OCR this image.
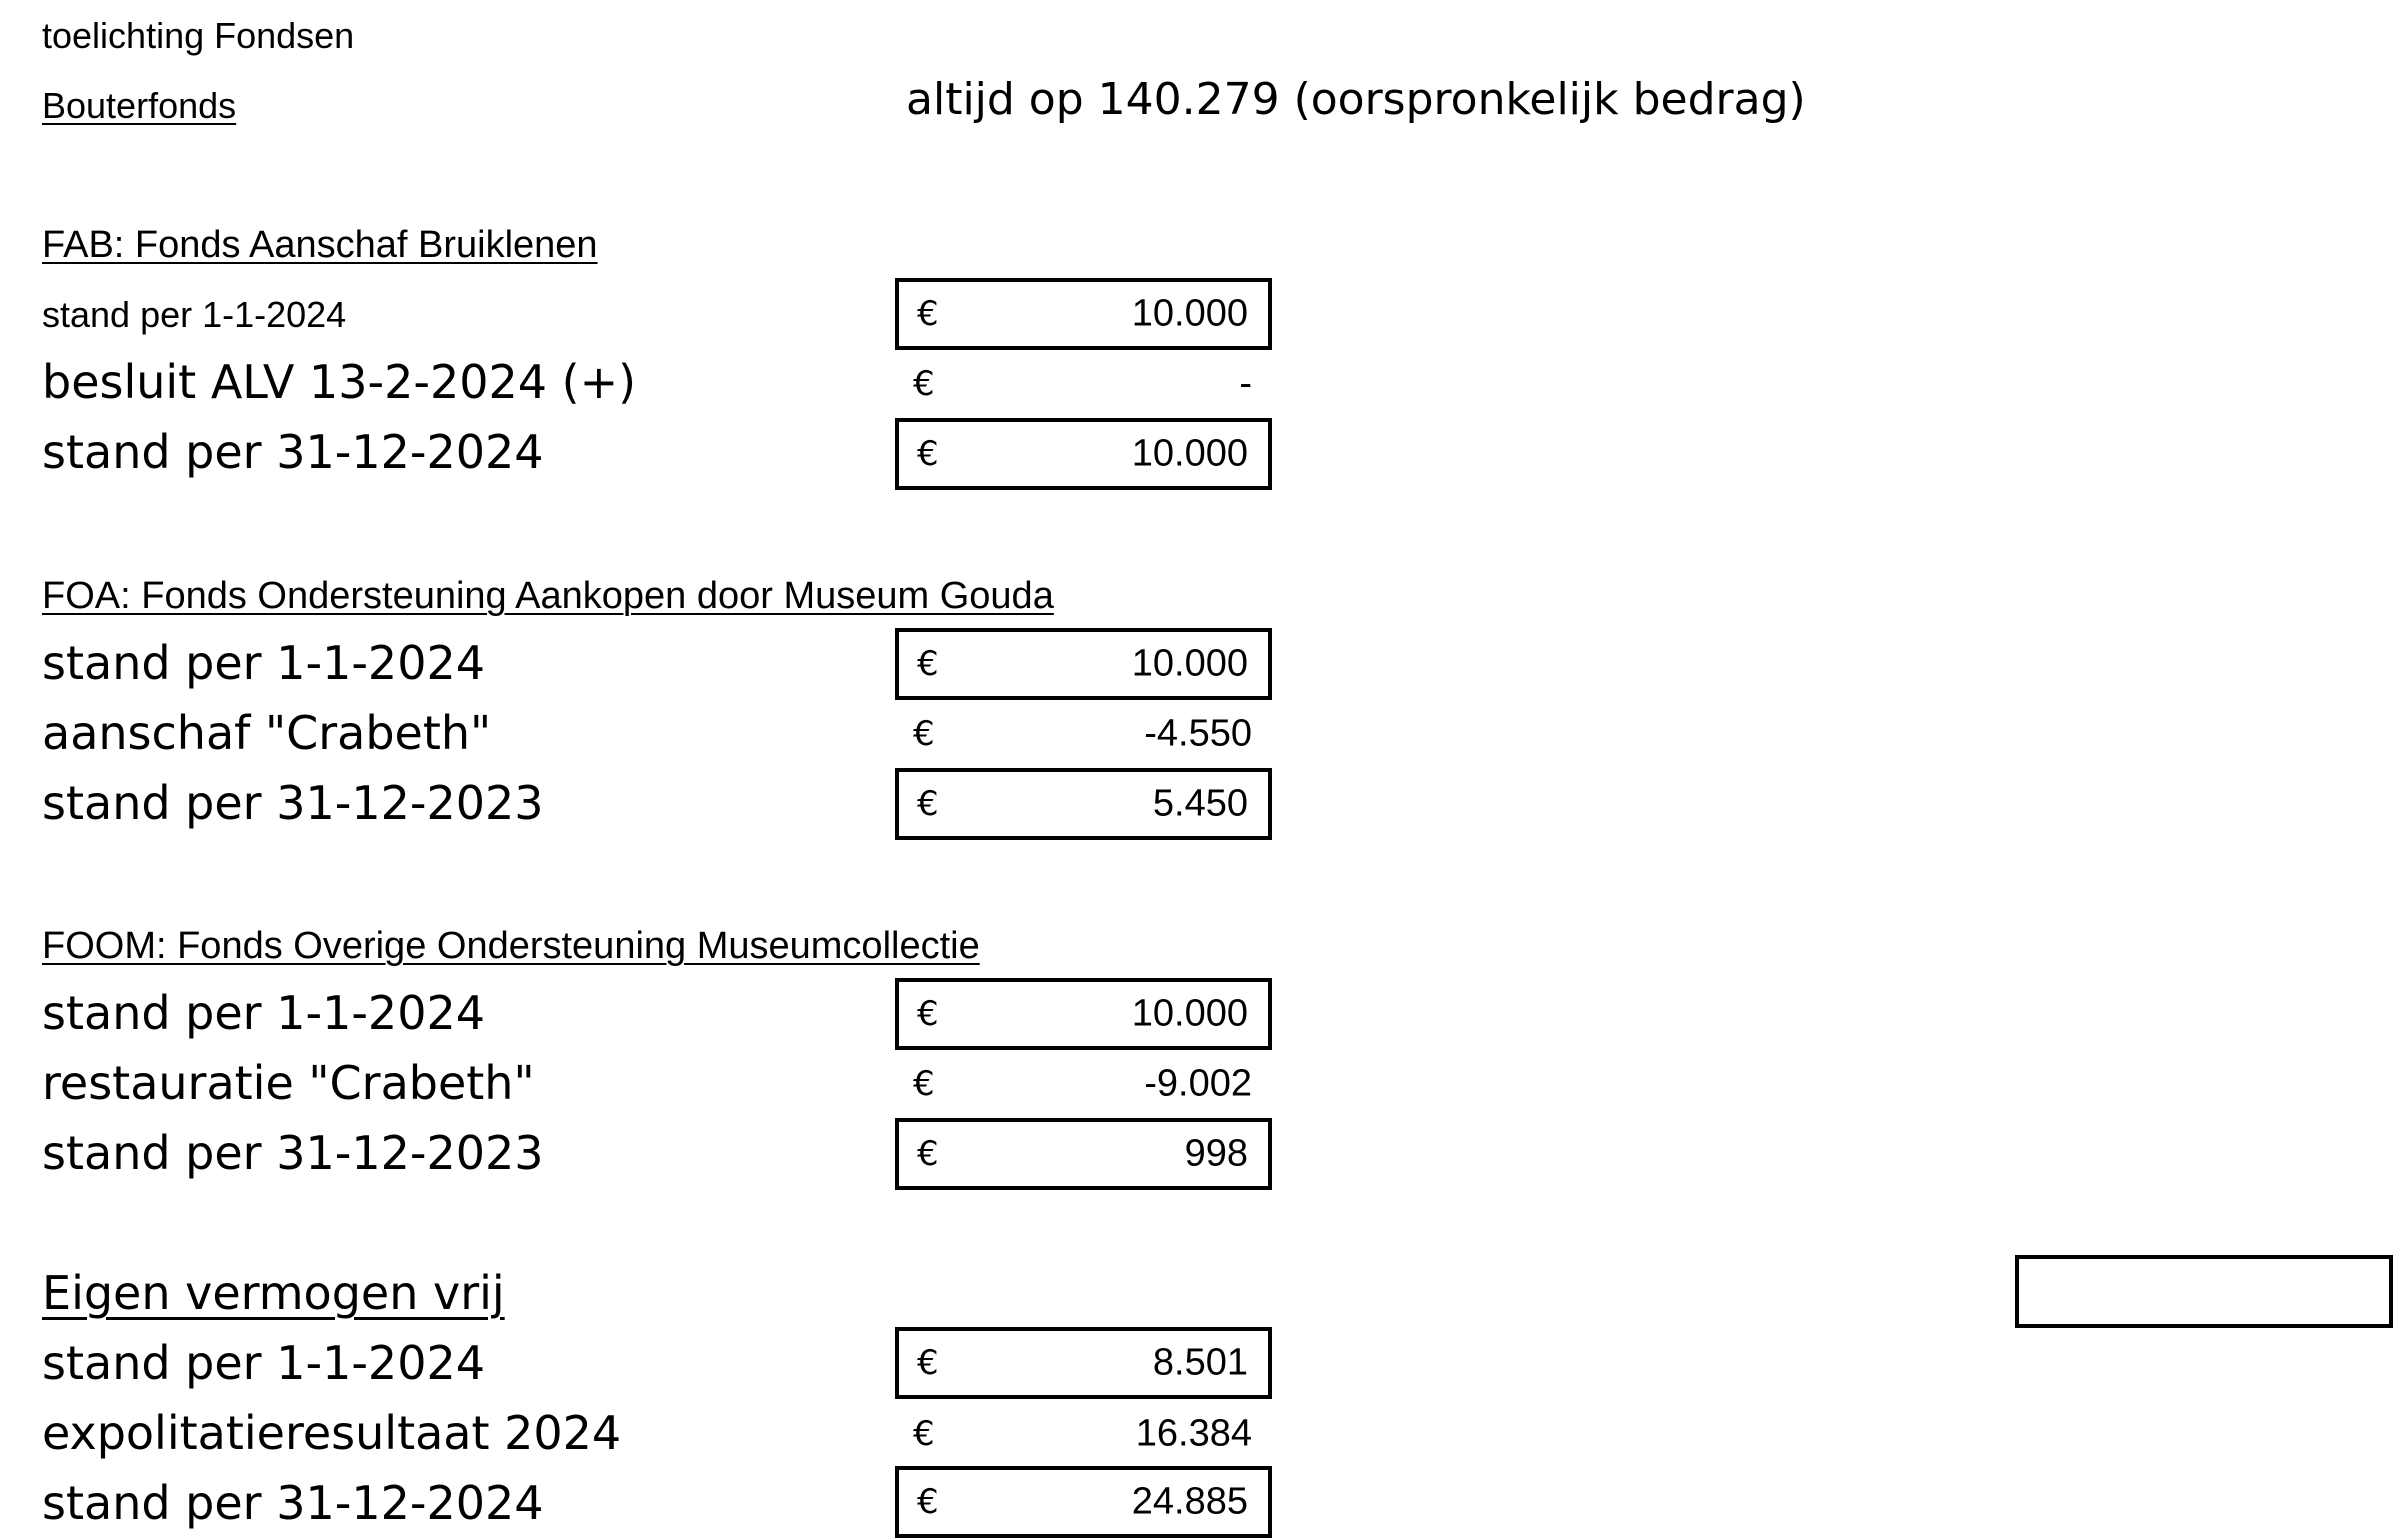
toelichting Fondsen
Bouterfonds	altijd op 140.279 (oorspronkelijk bedrag)
FAB: Fonds Aanschaf Bruiklenen
stand per 1-1-2024	€	10.000
besluit ALV 13-2-2024 (+)	€	-
stand per 31-12-2024	€	10.000
FOA: Fonds Ondersteuning Aankopen door Museum Gouda
stand per 1-1-2024	€	10.000
aanschaf "Crabeth"	€	-4.550
stand per 31-12-2023	€	5.450
FOOM: Fonds Overige Ondersteuning Museumcollectie
stand per 1-1-2024	€	10.000
restauratie "Crabeth"	€	-9.002
stand per 31-12-2023	€	998
Eigen vermogen vrij
stand per 1-1-2024	€	8.501
expolitatieresultaat 2024	€	16.384
stand per 31-12-2024	€	24.885
